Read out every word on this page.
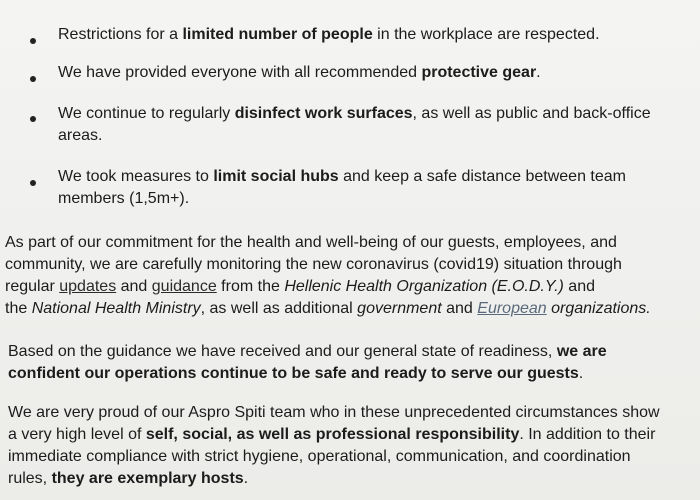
Restrictions for a limited number of people in the workplace are respected.
We have provided everyone with all recommended protective gear.
We continue to regularly disinfect work surfaces, as well as public and back-office
areas.
We took measures to limit social hubs and keep a safe distance between team
members (1,5m+).
As part of our commitment for the health and well-being of our guests, employees, and
community, we are carefully monitoring the new coronavirus (covid19) situation through
regular updates and guidance from the Hellenic Health Organization (E.O.D.Y.) and
the National Health Ministry, as well as additional government and European organizations.
Based on the guidance we have received and our general state of readiness, we are
confident our operations continue to be safe and ready to serve our guests.
We are very proud of our Aspro Spiti team who in these unprecedented circumstances show
a very high level of self, social, as well as professional responsibility. In addition to their
immediate compliance with strict hygiene, operational, communication, and coordination
rules, they are exemplary hosts.
